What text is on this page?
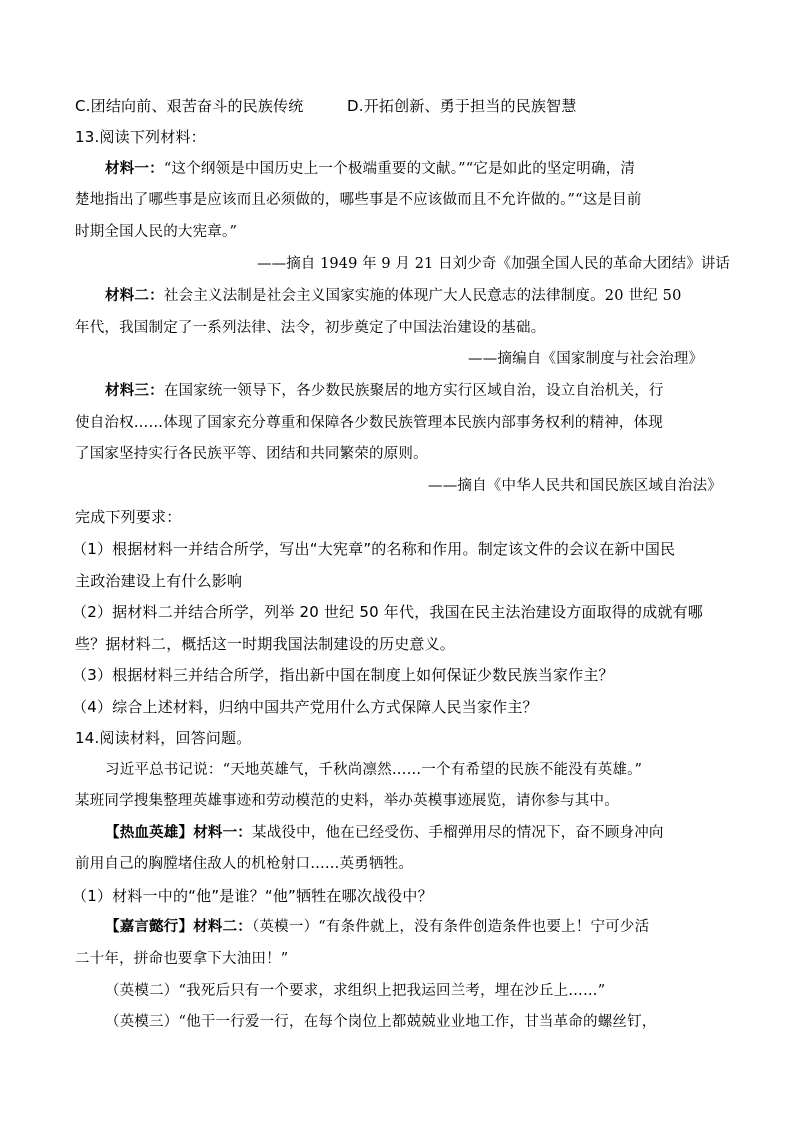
C.团结向前、艰苦奋斗的民族传统	D.开拓创新、勇于担当的民族智慧
13.阅读下列材料：
材料一：“这个纲领是中国历史上一个极端重要的文献。”“它是如此的坚定明确，清
楚地指出了哪些事是应该而且必须做的，哪些事是不应该做而且不允许做的。”“这是目前
时期全国人民的大宪章。”
——摘自 1949 年 9 月 21 日刘少奇《加强全国人民的革命大团结》讲话
材料二：社会主义法制是社会主义国家实施的体现广大人民意志的法律制度。20 世纪 50
年代，我国制定了一系列法律、法令，初步奠定了中国法治建设的基础。
——摘编自《国家制度与社会治理》
材料三：在国家统一领导下，各少数民族聚居的地方实行区域自治，设立自治机关，行
使自治权……体现了国家充分尊重和保障各少数民族管理本民族内部事务权利的精神，体现
了国家坚持实行各民族平等、团结和共同繁荣的原则。
——摘自《中华人民共和国民族区域自治法》
完成下列要求：
（1）根据材料一并结合所学，写出“大宪章”的名称和作用。制定该文件的会议在新中国民
主政治建设上有什么影响
（2）据材料二并结合所学，列举 20 世纪 50 年代，我国在民主法治建设方面取得的成就有哪
些？据材料二，概括这一时期我国法制建设的历史意义。
（3）根据材料三并结合所学，指出新中国在制度上如何保证少数民族当家作主？
（4）综合上述材料，归纳中国共产党用什么方式保障人民当家作主？
14.阅读材料，回答问题。
习近平总书记说：“天地英雄气，千秋尚凛然……一个有希望的民族不能没有英雄。”
某班同学搜集整理英雄事迹和劳动模范的史料，举办英模事迹展览，请你参与其中。
【热血英雄】材料一：某战役中，他在已经受伤、手榴弹用尽的情况下，奋不顾身冲向
前用自己的胸膛堵住敌人的机枪射口……英勇牺牲。
（1）材料一中的“他”是谁？“他”牺牲在哪次战役中？
【嘉言懿行】材料二：（英模一）“有条件就上，没有条件创造条件也要上！宁可少活
二十年，拼命也要拿下大油田！”
（英模二）“我死后只有一个要求，求组织上把我运回兰考，埋在沙丘上……”
（英模三）“他干一行爱一行，在每个岗位上都兢兢业业地工作，甘当革命的螺丝钉，
